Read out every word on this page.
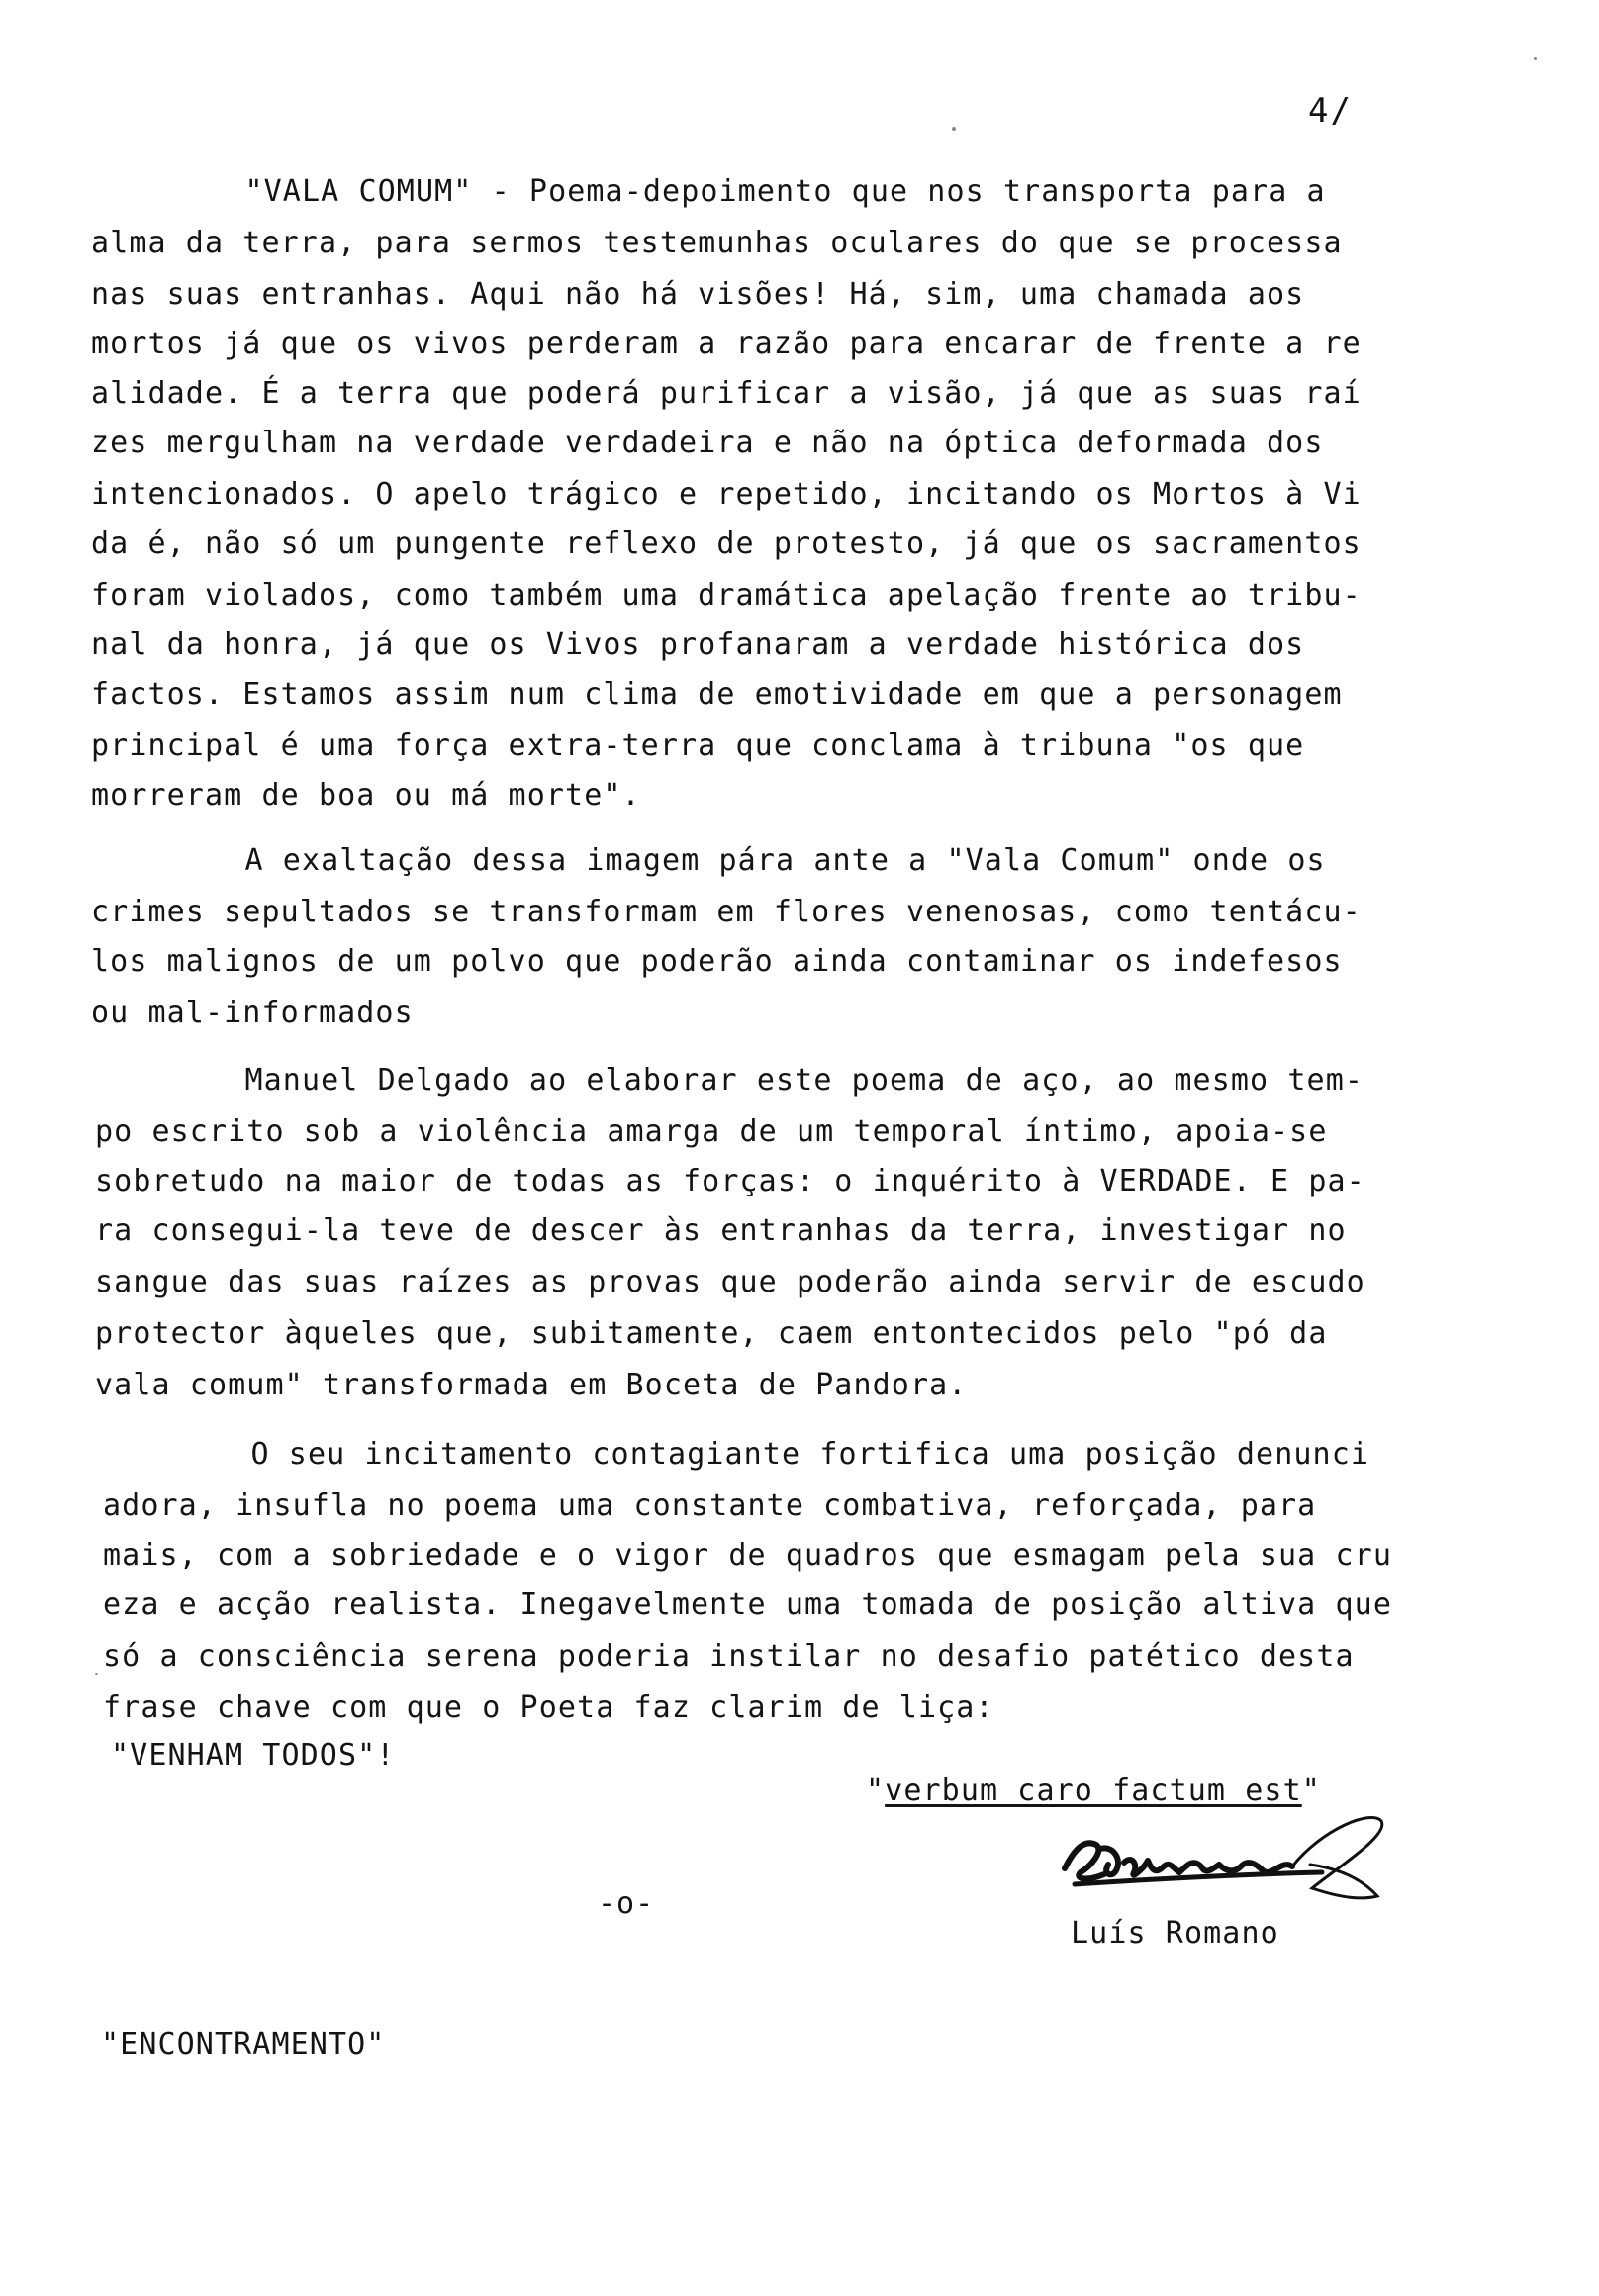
4/
"VALA COMUM" - Poema-depoimento que nos transporta para a
alma da terra, para sermos testemunhas oculares do que se processa
nas suas entranhas. Aqui não há visões! Há, sim, uma chamada aos
mortos já que os vivos perderam a razão para encarar de frente a re
alidade. É a terra que poderá purificar a visão, já que as suas raí
zes mergulham na verdade verdadeira e não na óptica deformada dos
intencionados. O apelo trágico e repetido, incitando os Mortos à Vi
da é, não só um pungente reflexo de protesto, já que os sacramentos
foram violados, como também uma dramática apelação frente ao tribu-
nal da honra, já que os Vivos profanaram a verdade histórica dos
factos. Estamos assim num clima de emotividade em que a personagem
principal é uma força extra-terra que conclama à tribuna "os que
morreram de boa ou má morte".
A exaltação dessa imagem pára ante a "Vala Comum" onde os
crimes sepultados se transformam em flores venenosas, como tentácu-
los malignos de um polvo que poderão ainda contaminar os indefesos
ou mal-informados
Manuel Delgado ao elaborar este poema de aço, ao mesmo tem-
po escrito sob a violência amarga de um temporal íntimo, apoia-se
sobretudo na maior de todas as forças: o inquérito à VERDADE. E pa-
ra consegui-la teve de descer às entranhas da terra, investigar no
sangue das suas raízes as provas que poderão ainda servir de escudo
protector àqueles que, subitamente, caem entontecidos pelo "pó da
vala comum" transformada em Boceta de Pandora.
O seu incitamento contagiante fortifica uma posição denunci
adora, insufla no poema uma constante combativa, reforçada, para
mais, com a sobriedade e o vigor de quadros que esmagam pela sua cru
eza e acção realista. Inegavelmente uma tomada de posição altiva que
só a consciência serena poderia instilar no desafio patético desta
frase chave com que o Poeta faz clarim de liça:
"VENHAM TODOS"!
"verbum caro factum est"
Luís Romano
-o-
"ENCONTRAMENTO"
